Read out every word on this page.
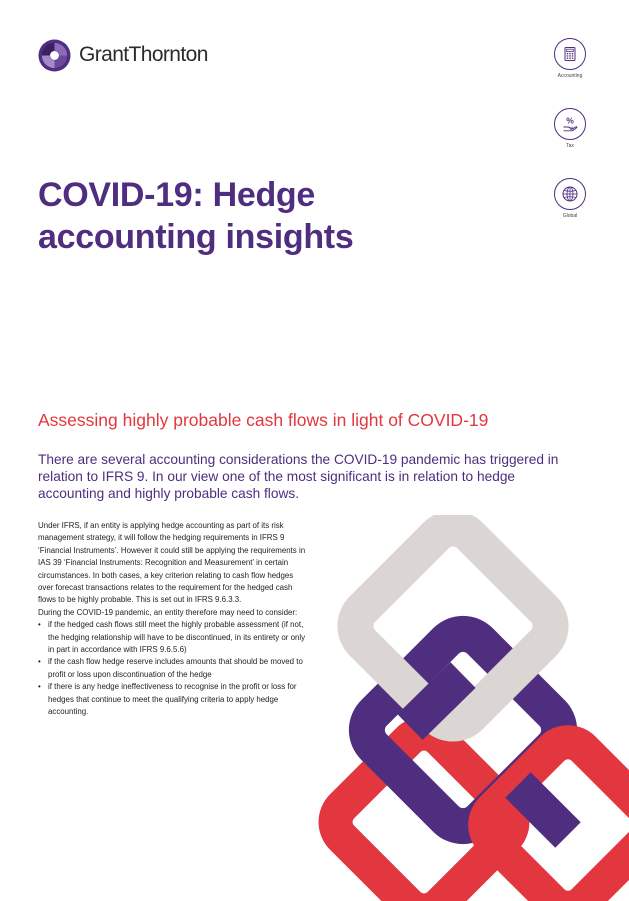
GrantThornton
Accounting
%
Tax
Global
COVID-19: Hedge accounting insights
Assessing highly probable cash flows in light of COVID-19

There are several accounting considerations the COVID-19 pandemic has triggered in relation to IFRS 9. In our view one of the most significant is in relation to hedge accounting and highly probable cash flows.

Under IFRS, if an entity is applying hedge accounting as part of its risk management strategy, it will follow the hedging requirements in IFRS 9 ‘Financial Instruments’. However it could still be applying the requirements in IAS 39 ‘Financial Instruments: Recognition and Measurement’ in certain circumstances. In both cases, a key criterion relating to cash flow hedges over forecast transactions relates to the requirement for the hedged cash flows to be highly probable. This is set out in IFRS 9.6.3.3.

During the COVID-19 pandemic, an entity therefore may need to consider:

• if the hedged cash flows still meet the highly probable assessment (if not, the hedging relationship will have to be discontinued, in its entirety or only in part in accordance with IFRS 9.6.5.6)
• if the cash flow hedge reserve includes amounts that should be moved to profit or loss upon discontinuation of the hedge
• if there is any hedge ineffectiveness to recognise in the profit or loss for hedges that continue to meet the qualifying criteria to apply hedge accounting.
